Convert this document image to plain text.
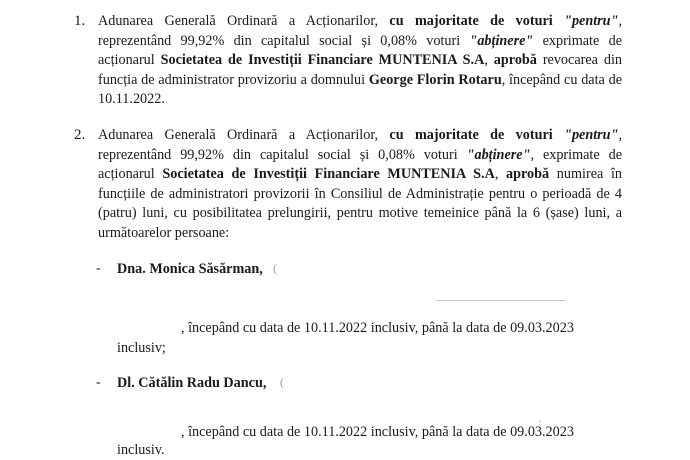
1. Adunarea Generală Ordinară a Acționarilor, cu majoritate de voturi "pentru", reprezentând 99,92% din capitalul social și 0,08% voturi "abținere" exprimate de acționarul Societatea de Investiții Financiare MUNTENIA S.A, aprobă revocarea din funcția de administrator provizoriu a domnului George Florin Rotaru, începând cu data de 10.11.2022.

2. Adunarea Generală Ordinară a Acționarilor, cu majoritate de voturi "pentru", reprezentând 99,92% din capitalul social și 0,08% voturi "abținere", exprimate de acționarul Societatea de Investiții Financiare MUNTENIA S.A, aprobă numirea în funcțiile de administratori provizorii în Consiliul de Administrație pentru o perioadă de 4 (patru) luni, cu posibilitatea prelungirii, pentru motive temeinice până la 6 (șase) luni, a următoarelor persoane:

- Dna. Monica Săsărman, (
, începând cu data de 10.11.2022 inclusiv, până la data de 09.03.2023
inclusiv;
- Dl. Cătălin Radu Dancu, (
·
, începând cu data de 10.11.2022 inclusiv, până la data de 09.03.2023
inclusiv.
